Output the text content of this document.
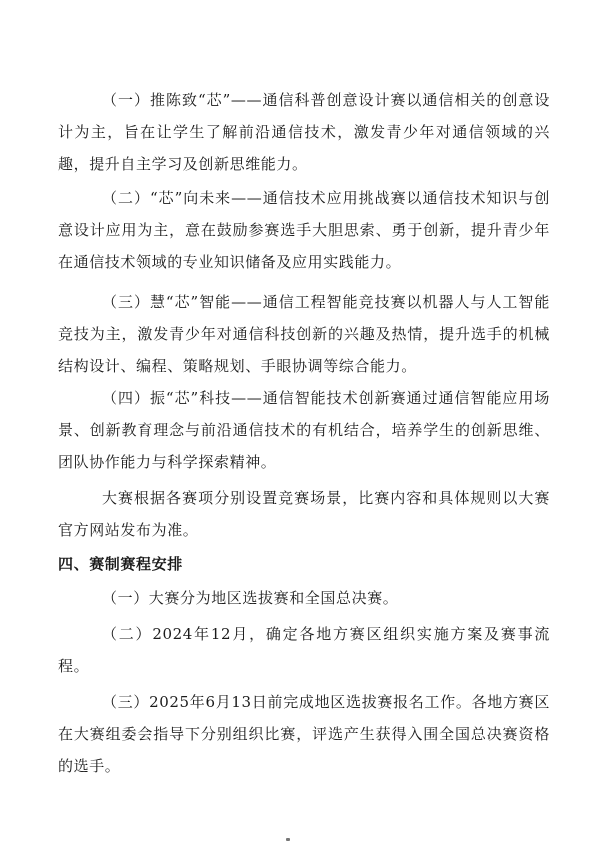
（一）推陈致“芯”——通信科普创意设计赛以通信相关的创意设计为主，旨在让学生了解前沿通信技术，激发青少年对通信领域的兴趣，提升自主学习及创新思维能力。

（二）“芯”向未来——通信技术应用挑战赛以通信技术知识与创意设计应用为主，意在鼓励参赛选手大胆思索、勇于创新，提升青少年在通信技术领域的专业知识储备及应用实践能力。

（三）慧“芯”智能——通信工程智能竞技赛以机器人与人工智能竞技为主，激发青少年对通信科技创新的兴趣及热情，提升选手的机械结构设计、编程、策略规划、手眼协调等综合能力。

（四）振“芯”科技——通信智能技术创新赛通过通信智能应用场景、创新教育理念与前沿通信技术的有机结合，培养学生的创新思维、团队协作能力与科学探索精神。

大赛根据各赛项分别设置竞赛场景，比赛内容和具体规则以大赛官方网站发布为准。

四、赛制赛程安排

（一）大赛分为地区选拔赛和全国总决赛。

（二）2024年12月，确定各地方赛区组织实施方案及赛事流程。

（三）2025年6月13日前完成地区选拔赛报名工作。各地方赛区在大赛组委会指导下分别组织比赛，评选产生获得入围全国总决赛资格的选手。
